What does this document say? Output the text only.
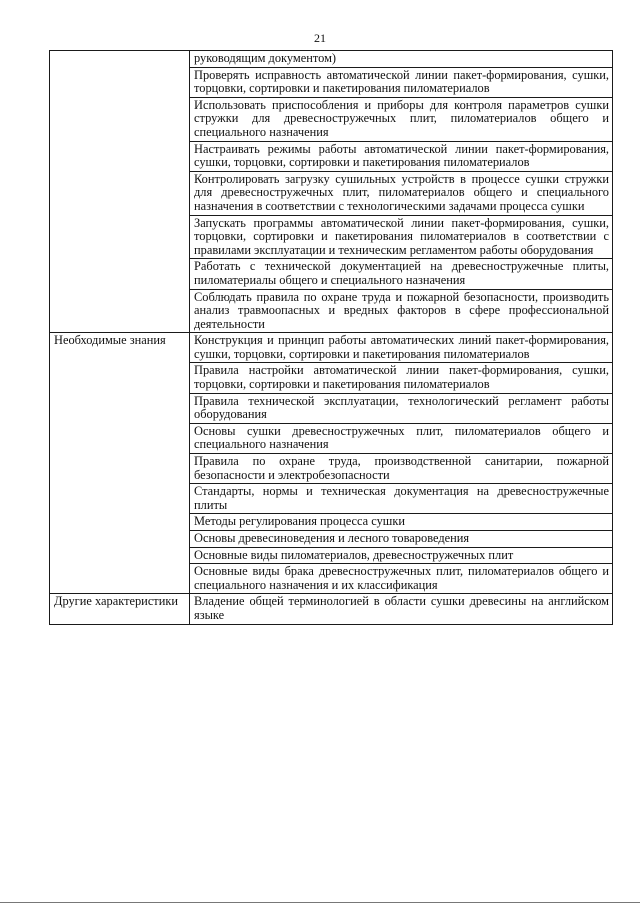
21
	руководящим документом)
	Проверять исправность автоматической линии пакет-формирования, сушки, торцовки, сортировки и пакетирования пиломатериалов
	Использовать приспособления и приборы для контроля параметров сушки стружки для древесностружечных плит, пиломатериалов общего и специального назначения
	Настраивать режимы работы автоматической линии пакет-формирования, сушки, торцовки, сортировки и пакетирования пиломатериалов
	Контролировать загрузку сушильных устройств в процессе сушки стружки для древесностружечных плит, пиломатериалов общего и специального назначения в соответствии с технологическими задачами процесса сушки
	Запускать программы автоматической линии пакет-формирования, сушки, торцовки, сортировки и пакетирования пиломатериалов в соответствии с правилами эксплуатации и техническим регламентом работы оборудования
	Работать с технической документацией на древесностружечные плиты, пиломатериалы общего и специального назначения
	Соблюдать правила по охране труда и пожарной безопасности, производить анализ травмоопасных и вредных факторов в сфере профессиональной деятельности
Необходимые знания	Конструкция и принцип работы автоматических линий пакет-формирования, сушки, торцовки, сортировки и пакетирования пиломатериалов
	Правила настройки автоматической линии пакет-формирования, сушки, торцовки, сортировки и пакетирования пиломатериалов
	Правила технической эксплуатации, технологический регламент работы оборудования
	Основы сушки древесностружечных плит, пиломатериалов общего и специального назначения
	Правила по охране труда, производственной санитарии, пожарной безопасности и электробезопасности
	Стандарты, нормы и техническая документация на древесностружечные плиты
	Методы регулирования процесса сушки
	Основы древесиноведения и лесного товароведения
	Основные виды пиломатериалов, древесностружечных плит
	Основные виды брака древесностружечных плит, пиломатериалов общего и специального назначения и их классификация
Другие характеристики	Владение общей терминологией в области сушки древесины на английском языке
